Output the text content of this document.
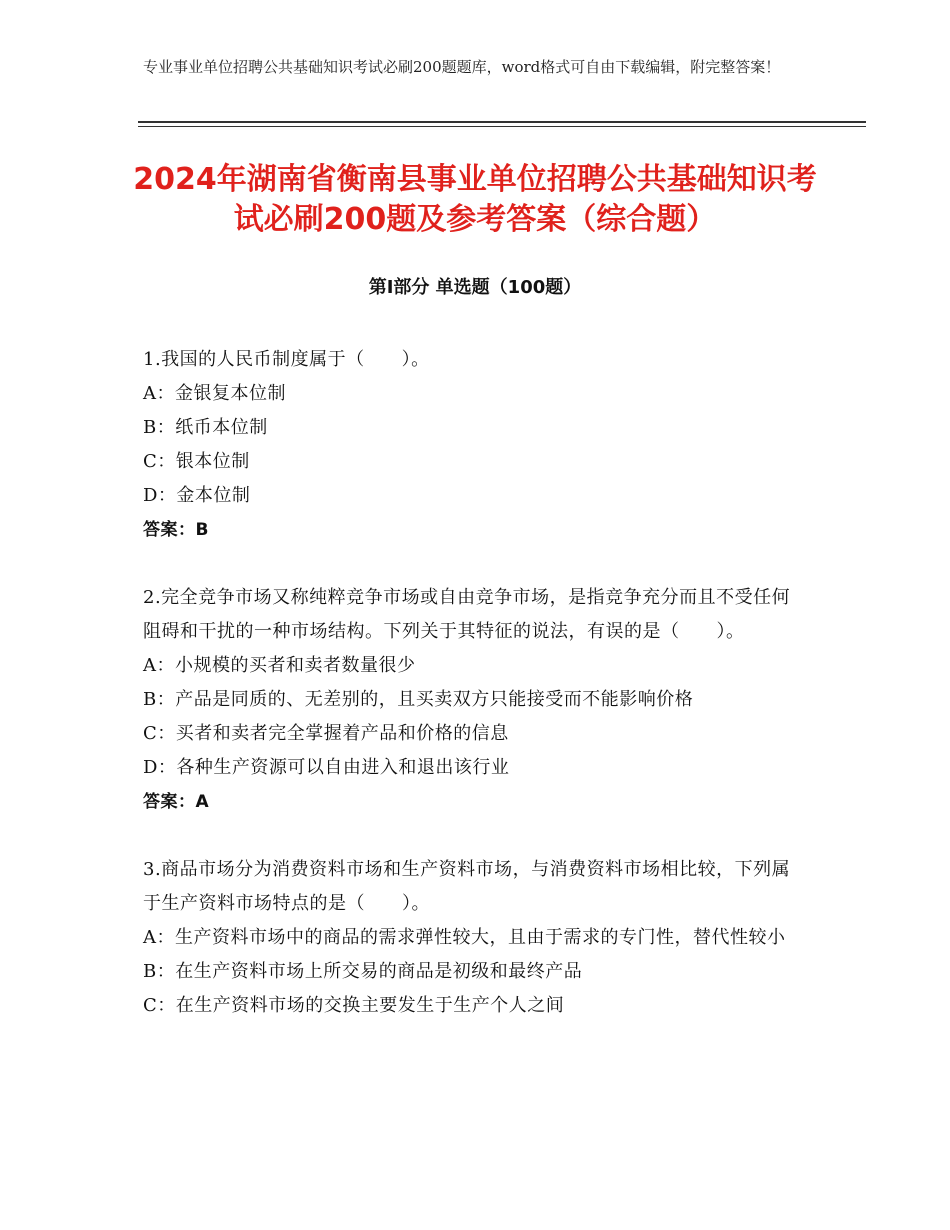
专业事业单位招聘公共基础知识考试必刷200题题库，word格式可自由下载编辑，附完整答案！
2024年湖南省衡南县事业单位招聘公共基础知识考试必刷200题及参考答案（综合题）
第Ⅰ部分 单选题（100题）

1.我国的人民币制度属于（　　）。

A：金银复本位制

B：纸币本位制

C：银本位制

D：金本位制

答案：B

2.完全竞争市场又称纯粹竞争市场或自由竞争市场，是指竞争充分而且不受任何阻碍和干扰的一种市场结构。下列关于其特征的说法，有误的是（　　）。

A：小规模的买者和卖者数量很少

B：产品是同质的、无差别的，且买卖双方只能接受而不能影响价格

C：买者和卖者完全掌握着产品和价格的信息

D：各种生产资源可以自由进入和退出该行业

答案：A

3.商品市场分为消费资料市场和生产资料市场，与消费资料市场相比较，下列属于生产资料市场特点的是（　　）。

A：生产资料市场中的商品的需求弹性较大，且由于需求的专门性，替代性较小

B：在生产资料市场上所交易的商品是初级和最终产品

C：在生产资料市场的交换主要发生于生产个人之间
